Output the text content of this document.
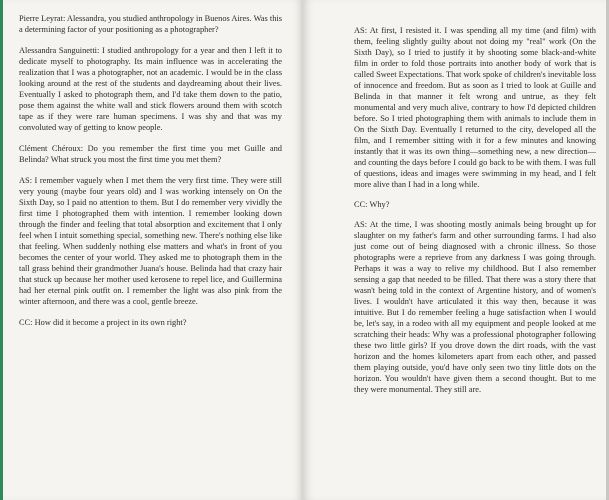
Pierre Leyrat: Alessandra, you studied anthropology in Buenos Aires. Was this a determining factor of your positioning as a photographer?

Alessandra Sanguinetti: I studied anthropology for a year and then I left it to dedicate myself to photography. Its main influence was in accelerating the realization that I was a photographer, not an academic. I would be in the class looking around at the rest of the students and daydreaming about their lives. Eventually I asked to photograph them, and I'd take them down to the patio, pose them against the white wall and stick flowers around them with scotch tape as if they were rare human specimens. I was shy and that was my convoluted way of getting to know people.

Clément Chéroux: Do you remember the first time you met Guille and Belinda? What struck you most the first time you met them?

AS: I remember vaguely when I met them the very first time. They were still very young (maybe four years old) and I was working intensely on On the Sixth Day, so I paid no attention to them. But I do remember very vividly the first time I photographed them with intention. I remember looking down through the finder and feeling that total absorption and excitement that I only feel when I intuit something special, something new. There's nothing else like that feeling. When suddenly nothing else matters and what's in front of you becomes the center of your world. They asked me to photograph them in the tall grass behind their grandmother Juana's house. Belinda had that crazy hair that stuck up because her mother used kerosene to repel lice, and Guillermina had her eternal pink outfit on. I remember the light was also pink from the winter afternoon, and there was a cool, gentle breeze.

CC: How did it become a project in its own right?

AS: At first, I resisted it. I was spending all my time (and film) with them, feeling slightly guilty about not doing my "real" work (On the Sixth Day), so I tried to justify it by shooting some black-and-white film in order to fold those portraits into another body of work that is called Sweet Expectations. That work spoke of children's inevitable loss of innocence and freedom. But as soon as I tried to look at Guille and Belinda in that manner it felt wrong and untrue, as they felt monumental and very much alive, contrary to how I'd depicted children before. So I tried photographing them with animals to include them in On the Sixth Day. Eventually I returned to the city, developed all the film, and I remember sitting with it for a few minutes and knowing instantly that it was its own thing—something new, a new direction—and counting the days before I could go back to be with them. I was full of questions, ideas and images were swimming in my head, and I felt more alive than I had in a long while.

CC: Why?

AS: At the time, I was shooting mostly animals being brought up for slaughter on my father's farm and other surrounding farms. I had also just come out of being diagnosed with a chronic illness. So those photographs were a reprieve from any darkness I was going through. Perhaps it was a way to relive my childhood. But I also remember sensing a gap that needed to be filled. That there was a story there that wasn't being told in the context of Argentine history, and of women's lives. I wouldn't have articulated it this way then, because it was intuitive. But I do remember feeling a huge satisfaction when I would be, let's say, in a rodeo with all my equipment and people looked at me scratching their heads: Why was a professional photographer following these two little girls? If you drove down the dirt roads, with the vast horizon and the homes kilometers apart from each other, and passed them playing outside, you'd have only seen two tiny little dots on the horizon. You wouldn't have given them a second thought. But to me they were monumental. They still are.
